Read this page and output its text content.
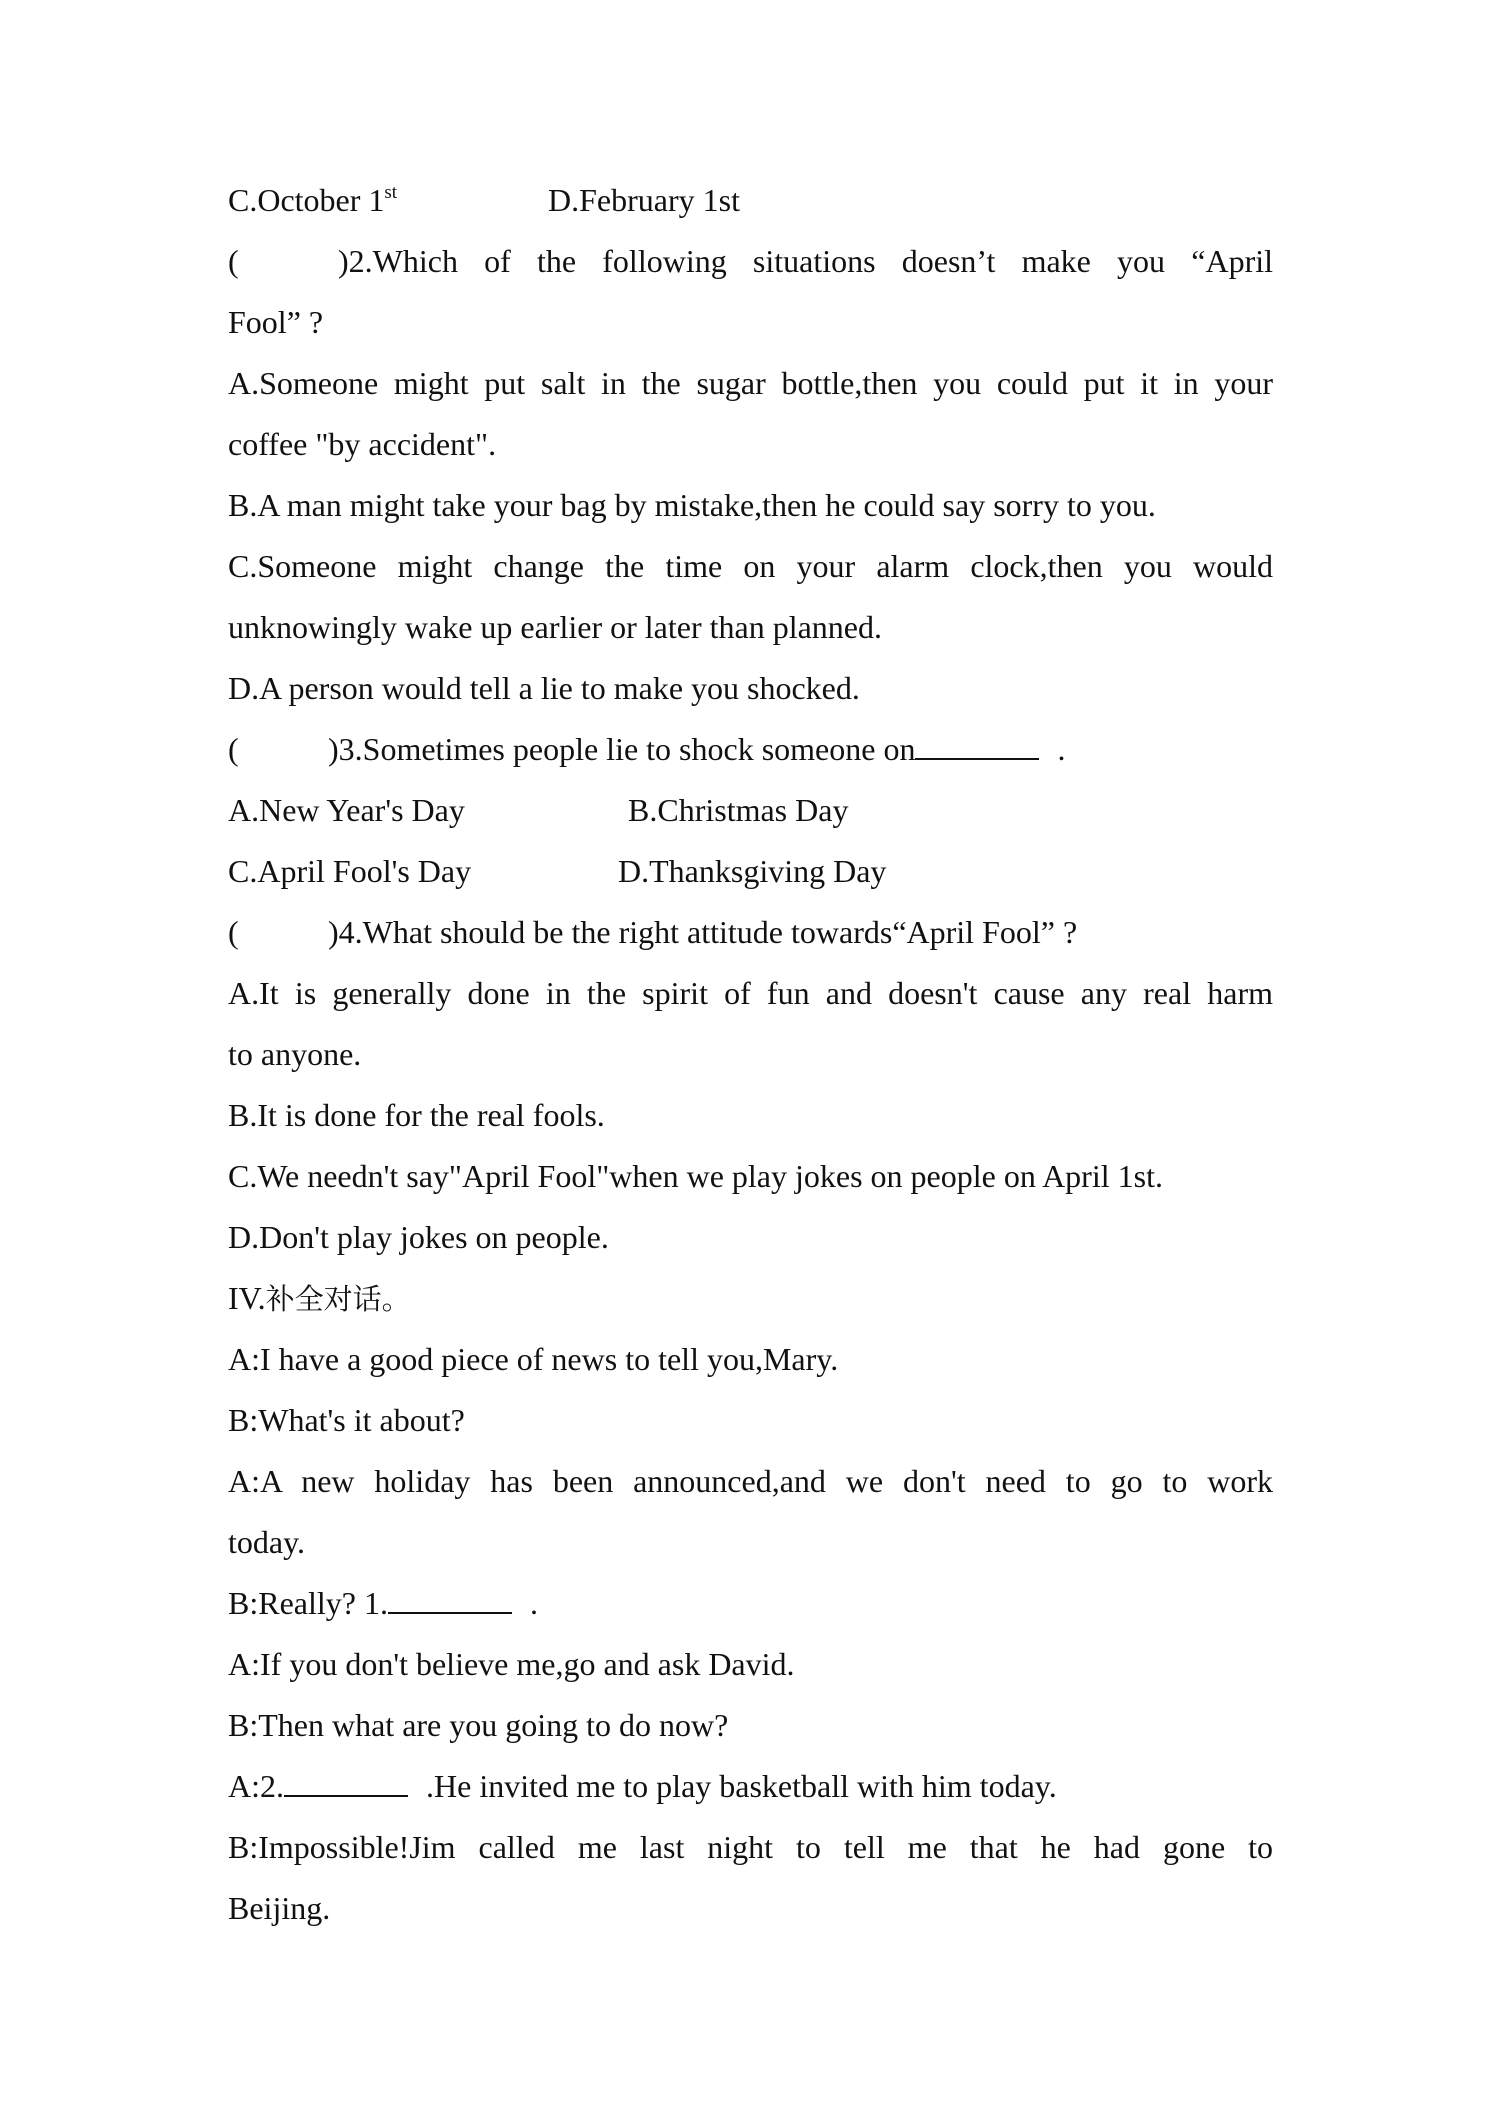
C.October 1st	D.February 1st
(	)2.Which of the following situations doesn’t make you “April
Fool” ?
A.Someone might put salt in the sugar bottle,then you could put it in your
coffee "by accident".
B.A man might take your bag by mistake,then he could say sorry to you.
C.Someone might change the time on your alarm clock,then you would
unknowingly wake up earlier or later than planned.
D.A person would tell a lie to make you shocked.
(	)3.Sometimes people lie to shock someone on	.
A.New Year's Day	B.Christmas Day
C.April Fool's Day	D.Thanksgiving Day
(	)4.What should be the right attitude towards“April Fool” ?
A.It is generally done in the spirit of fun and doesn't cause any real harm
to anyone.
B.It is done for the real fools.
C.We needn't say"April Fool"when we play jokes on people on April 1st.
D.Don't play jokes on people.
IV.补全对话。
A:I have a good piece of news to tell you,Mary.
B:What's it about?
A:A new holiday has been announced,and we don't need to go to work
today.
B:Really? 1.	.
A:If you don't believe me,go and ask David.
B:Then what are you going to do now?
A:2.	.He invited me to play basketball with him today.
B:Impossible!Jim called me last night to tell me that he had gone to
Beijing.
